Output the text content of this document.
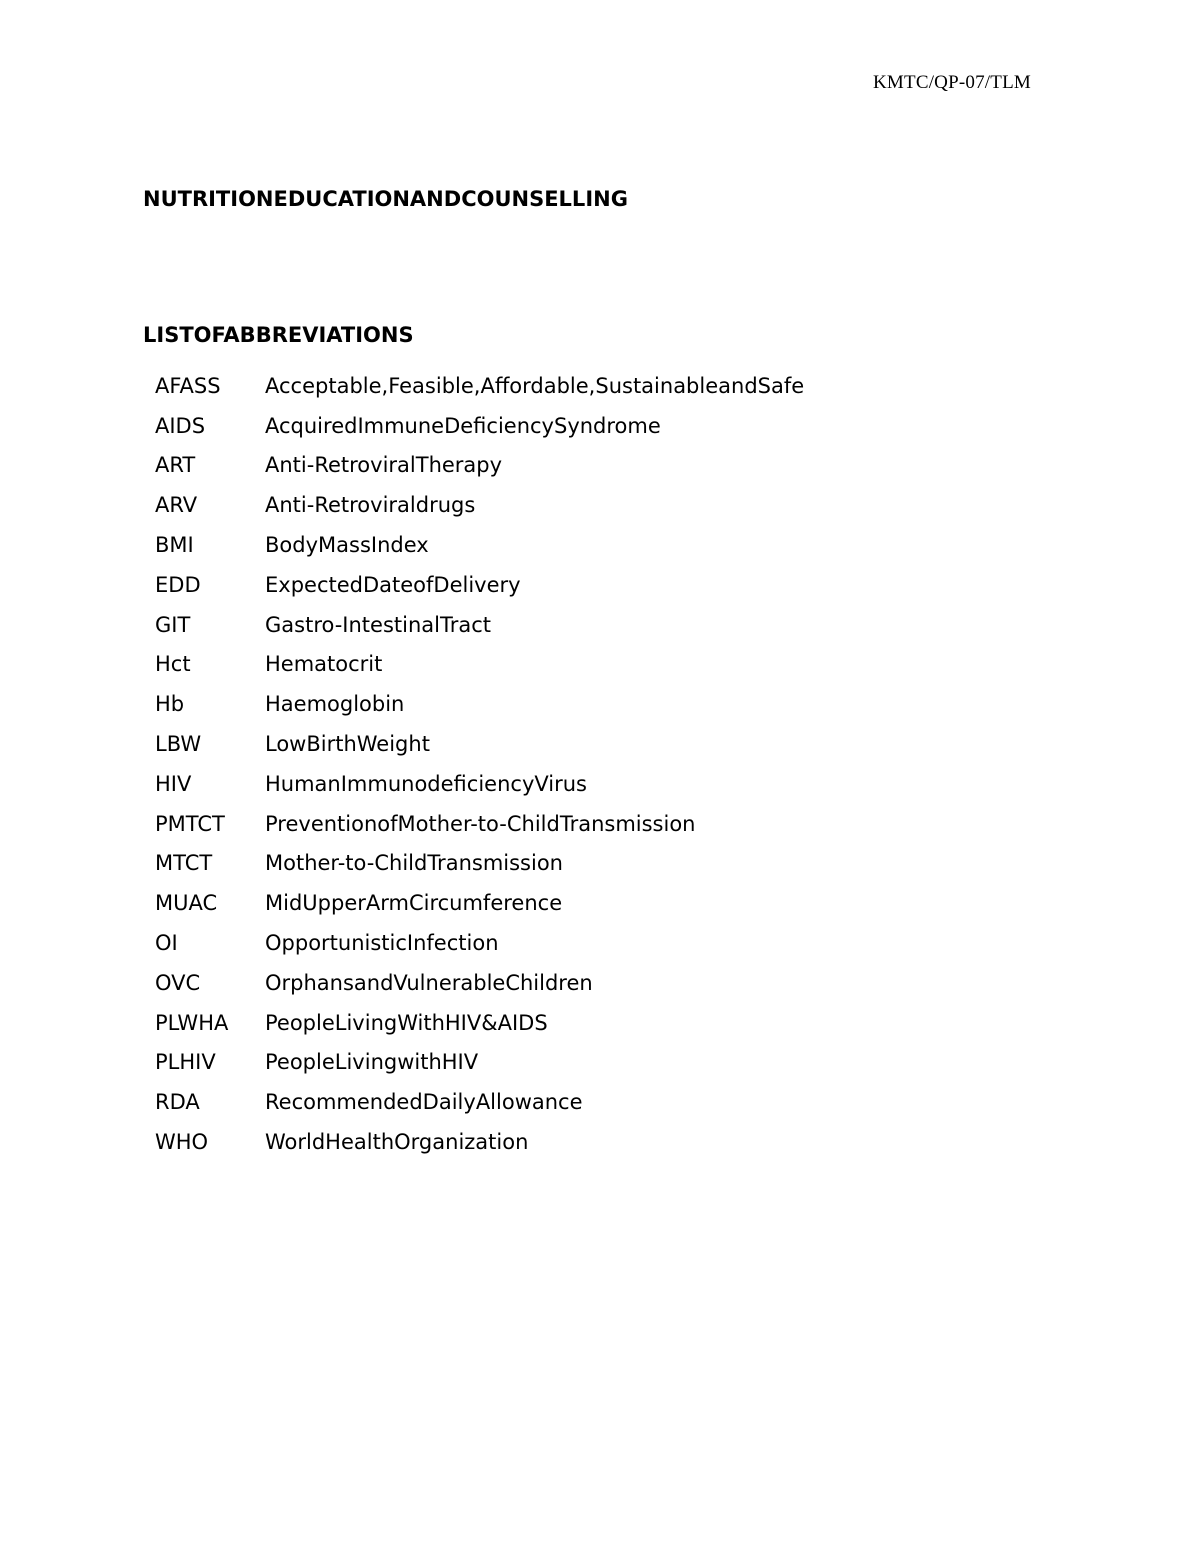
KMTC/QP-07/TLM
NUTRITIONEDUCATIONANDCOUNSELLING
LISTOFABBREVIATIONS
AFASS	Acceptable,Feasible,Affordable,SustainableandSafe
AIDS	AcquiredImmuneDeficiencySyndrome
ART	Anti-RetroviralTherapy
ARV	Anti-Retroviraldrugs
BMI	BodyMassIndex
EDD	ExpectedDateofDelivery
GIT	Gastro-IntestinalTract
Hct	Hematocrit
Hb	Haemoglobin
LBW	LowBirthWeight
HIV	HumanImmunodeficiencyVirus
PMTCT	PreventionofMother-to-ChildTransmission
MTCT	Mother-to-ChildTransmission
MUAC	MidUpperArmCircumference
OI	OpportunisticInfection
OVC	OrphansandVulnerableChildren
PLWHA	PeopleLivingWithHIV&AIDS
PLHIV	PeopleLivingwithHIV
RDA	RecommendedDailyAllowance
WHO	WorldHealthOrganization
